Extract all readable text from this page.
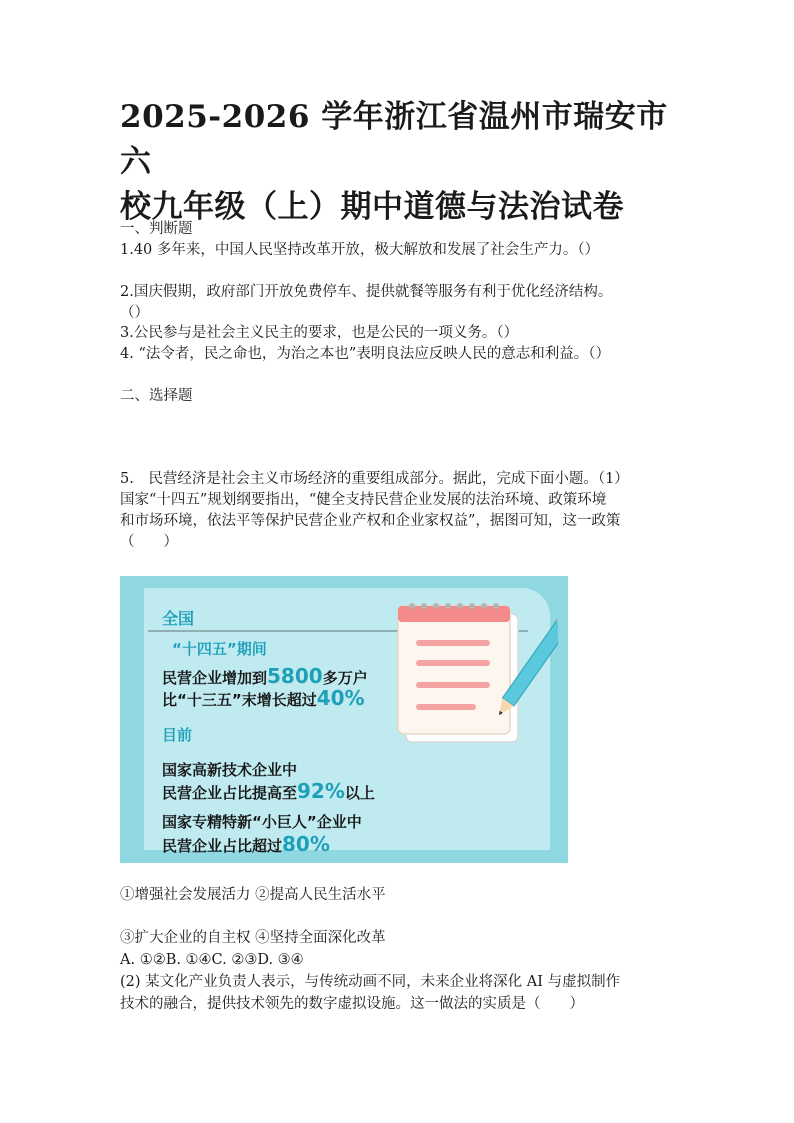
2025-2026 学年浙江省温州市瑞安市六
校九年级（上）期中道德与法治试卷
一、判断题
1.40 多年来，中国人民坚持改革开放，极大解放和发展了社会生产力。（）
2.国庆假期，政府部门开放免费停车、提供就餐等服务有利于优化经济结构。
（）
3.公民参与是社会主义民主的要求，也是公民的一项义务。（）
4. “法令者，民之命也，为治之本也”表明良法应反映人民的意志和利益。（）
二、选择题
5.　民营经济是社会主义市场经济的重要组成部分。据此，完成下面小题。（1）
国家“十四五”规划纲要指出，“健全支持民营企业发展的法治环境、政策环境
和市场环境，依法平等保护民营企业产权和企业家权益”，据图可知，这一政策
（　　）
全国
“十四五”期间
民营企业增加到5800多万户
比“十三五”末增长超过40%
目前
国家高新技术企业中
民营企业占比提高至92%以上
国家专精特新“小巨人”企业中
民营企业占比超过80%
①增强社会发展活力 ②提高人民生活水平
③扩大企业的自主权 ④坚持全面深化改革
A. ①②B. ①④C. ②③D. ③④
(2) 某文化产业负责人表示，与传统动画不同，未来企业将深化 AI 与虚拟制作
技术的融合，提供技术领先的数字虚拟设施。这一做法的实质是（　　）
